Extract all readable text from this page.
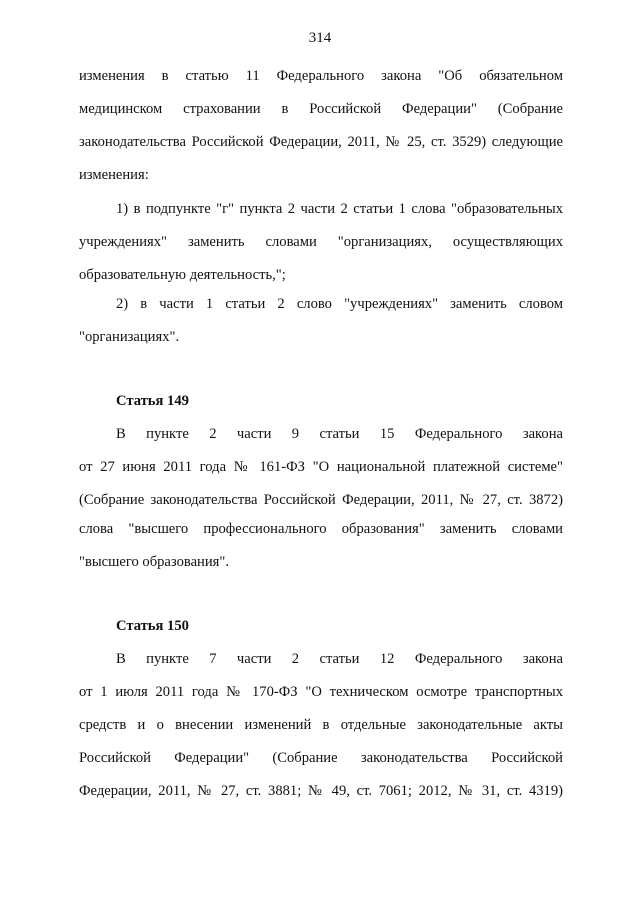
314
изменения в статью 11 Федерального закона "Об обязательном
медицинском страховании в Российской Федерации" (Собрание
законодательства Российской Федерации, 2011, № 25, ст. 3529) следующие
изменения:
1) в подпункте "г" пункта 2 части 2 статьи 1 слова "образовательных
учреждениях" заменить словами "организациях, осуществляющих
образовательную деятельность,";
2) в части 1 статьи 2 слово "учреждениях" заменить словом
"организациях".
Статья 149
В пункте 2 части 9 статьи 15 Федерального закона
от 27 июня 2011 года № 161-ФЗ "О национальной платежной системе"
(Собрание законодательства Российской Федерации, 2011, № 27, ст. 3872)
слова "высшего профессионального образования" заменить словами
"высшего образования".
Статья 150
В пункте 7 части 2 статьи 12 Федерального закона
от 1 июля 2011 года № 170-ФЗ "О техническом осмотре транспортных
средств и о внесении изменений в отдельные законодательные акты
Российской Федерации" (Собрание законодательства Российской
Федерации, 2011, № 27, ст. 3881; № 49, ст. 7061; 2012, № 31, ст. 4319)
